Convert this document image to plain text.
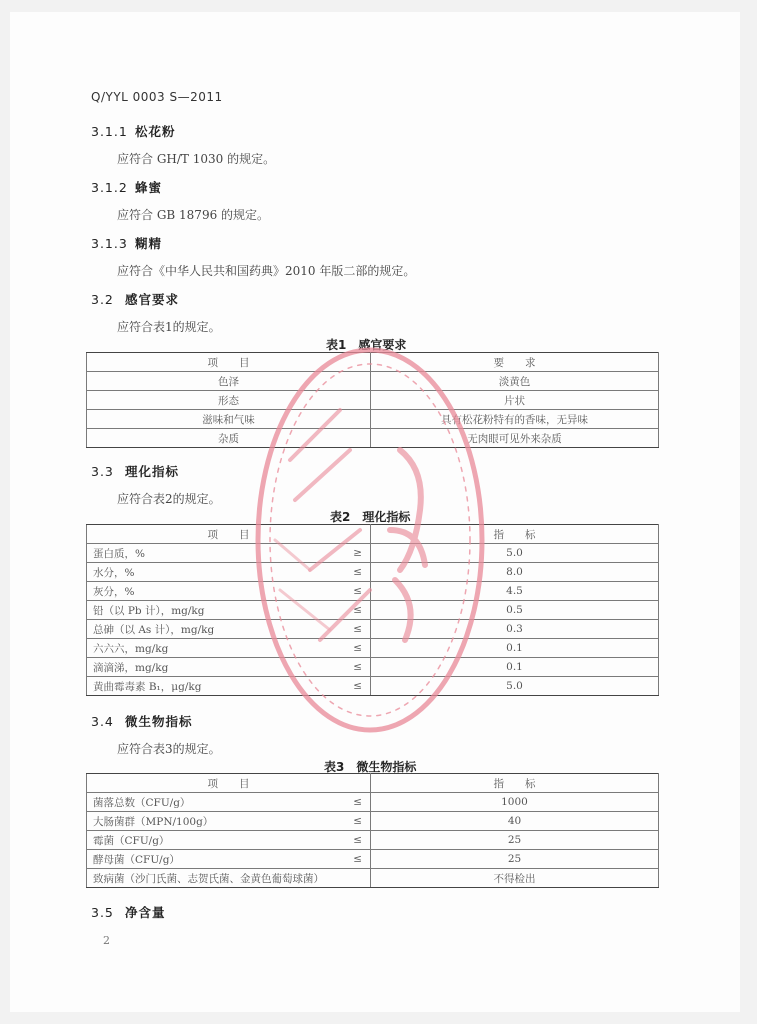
Q/YYL 0003 S—2011
3.1.1 松花粉
应符合 GH/T 1030 的规定。
3.1.2 蜂蜜
应符合 GB 18796 的规定。
3.1.3 糊精
应符合《中华人民共和国药典》2010 年版二部的规定。
3.2 感官要求
应符合表1的规定。
表1　感官要求
项　　目	要　　求
色泽	淡黄色
形态	片状
滋味和气味	具有松花粉特有的香味，无异味
杂质	无肉眼可见外来杂质
3.3 理化指标
应符合表2的规定。
表2　理化指标
项　　目		指　　标
蛋白质，%	≥	5.0
水分，%	≤	8.0
灰分，%	≤	4.5
铅（以 Pb 计），mg/kg	≤	0.5
总砷（以 As 计），mg/kg	≤	0.3
六六六，mg/kg	≤	0.1
滴滴涕，mg/kg	≤	0.1
黄曲霉毒素 B₁，μg/kg	≤	5.0
3.4 微生物指标
应符合表3的规定。
表3　微生物指标
项　　目		指　　标
菌落总数（CFU/g）	≤	1000
大肠菌群（MPN/100g）	≤	40
霉菌（CFU/g）	≤	25
酵母菌（CFU/g）	≤	25
致病菌（沙门氏菌、志贺氏菌、金黄色葡萄球菌）		不得检出
3.5 净含量
2
